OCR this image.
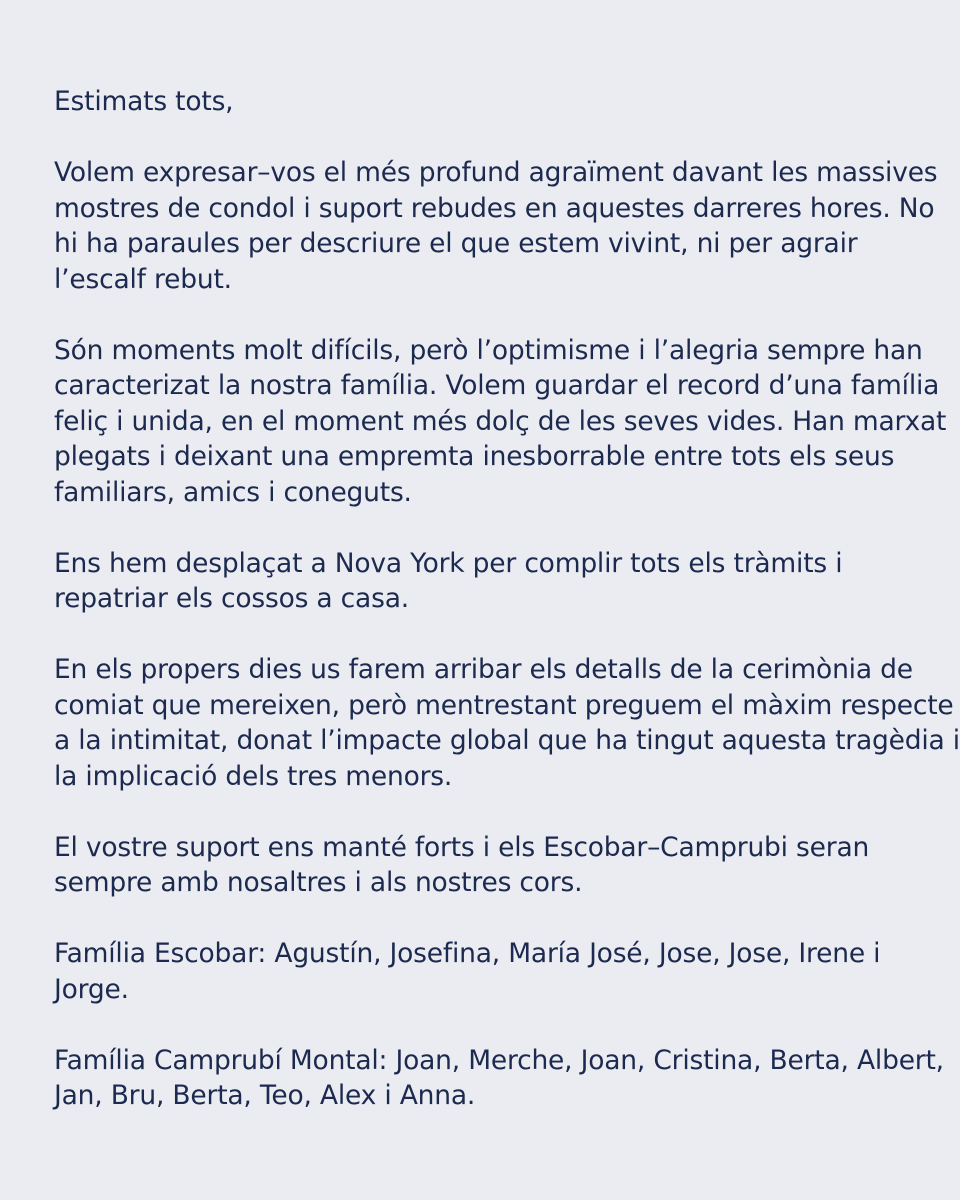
Estimats tots,

Volem expresar–vos el més profund agraïment davant les massives

mostres de condol i suport rebudes en aquestes darreres hores. No

hi ha paraules per descriure el que estem vivint, ni per agrair

l’escalf rebut.

Són moments molt difícils, però l’optimisme i l’alegria sempre han

caracterizat la nostra família. Volem guardar el record d’una família

feliç i unida, en el moment més dolç de les seves vides. Han marxat

plegats i deixant una empremta inesborrable entre tots els seus

familiars, amics i coneguts.

Ens hem desplaçat a Nova York per complir tots els tràmits i

repatriar els cossos a casa.

En els propers dies us farem arribar els detalls de la cerimònia de

comiat que mereixen, però mentrestant preguem el màxim respecte

a la intimitat, donat l’impacte global que ha tingut aquesta tragèdia i

la implicació dels tres menors.

El vostre suport ens manté forts i els Escobar–Camprubi seran

sempre amb nosaltres i als nostres cors.

Família Escobar: Agustín, Josefina, María José, Jose, Jose, Irene i

Jorge.

Família Camprubí Montal: Joan, Merche, Joan, Cristina, Berta, Albert,

Jan, Bru, Berta, Teo, Alex i Anna.
